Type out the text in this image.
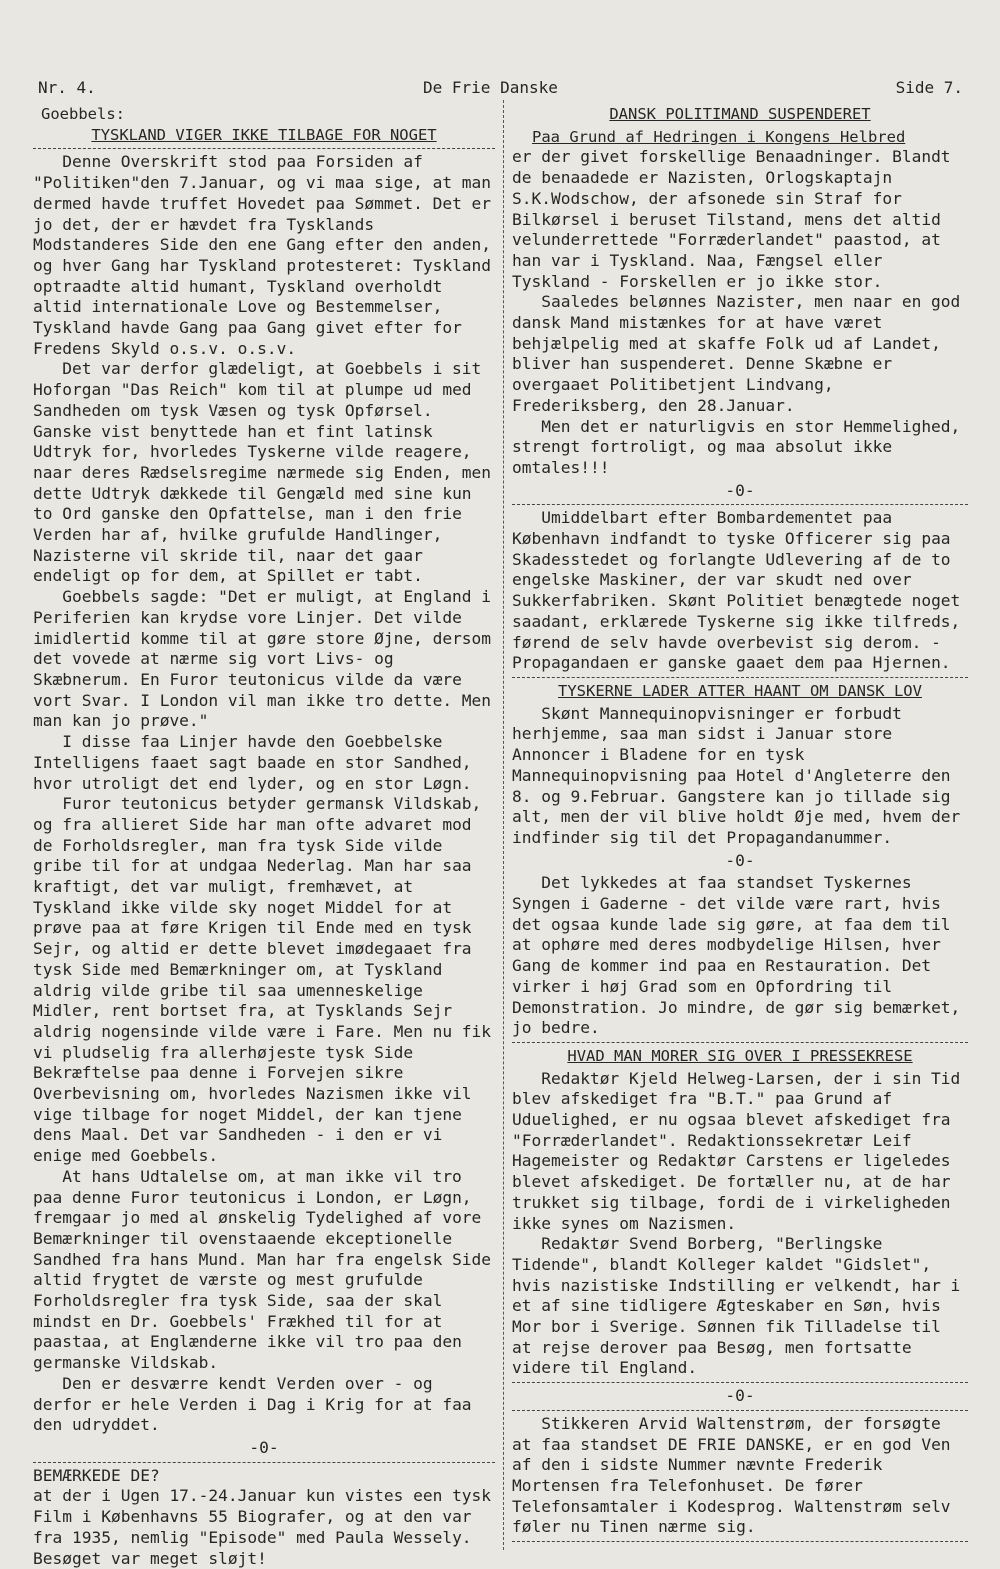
Nr. 4.	De Frie Danske	Side 7.
Goebbels:
TYSKLAND VIGER IKKE TILBAGE FOR NOGET

Denne Overskrift stod paa Forsiden af "Politiken"den 7.Januar, og vi maa sige, at man dermed havde truffet Hovedet paa Sømmet. Det er jo det, der er hævdet fra Tysklands Modstanderes Side den ene Gang efter den anden, og hver Gang har Tyskland protesteret: Tyskland optraadte altid humant, Tyskland overholdt altid internationale Love og Bestemmelser, Tyskland havde Gang paa Gang givet efter for Fredens Skyld o.s.v. o.s.v.

Det var derfor glædeligt, at Goebbels i sit Hoforgan "Das Reich" kom til at plumpe ud med Sandheden om tysk Væsen og tysk Opførsel. Ganske vist benyttede han et fint latinsk Udtryk for, hvorledes Tyskerne vilde reagere, naar deres Rædselsregime nærmede sig Enden, men dette Udtryk dækkede til Gengæld med sine kun to Ord ganske den Opfattelse, man i den frie Verden har af, hvilke grufulde Handlinger, Nazisterne vil skride til, naar det gaar endeligt op for dem, at Spillet er tabt.

Goebbels sagde: "Det er muligt, at England i Periferien kan krydse vore Linjer. Det vilde imidlertid komme til at gøre store Øjne, dersom det vovede at nærme sig vort Livs- og Skæbnerum. En Furor teutonicus vilde da være vort Svar. I London vil man ikke tro dette. Men man kan jo prøve."

I disse faa Linjer havde den Goebbelske Intelligens faaet sagt baade en stor Sandhed, hvor utroligt det end lyder, og en stor Løgn.

Furor teutonicus betyder germansk Vildskab, og fra allieret Side har man ofte advaret mod de Forholdsregler, man fra tysk Side vilde gribe til for at undgaa Nederlag. Man har saa kraftigt, det var muligt, fremhævet, at Tyskland ikke vilde sky noget Middel for at prøve paa at føre Krigen til Ende med en tysk Sejr, og altid er dette blevet imødegaaet fra tysk Side med Bemærkninger om, at Tyskland aldrig vilde gribe til saa umenneskelige Midler, rent bortset fra, at Tysklands Sejr aldrig nogensinde vilde være i Fare. Men nu fik vi pludselig fra allerhøjeste tysk Side Bekræftelse paa denne i Forvejen sikre Overbevisning om, hvorledes Nazismen ikke vil vige tilbage for noget Middel, der kan tjene dens Maal. Det var Sandheden - i den er vi enige med Goebbels.

At hans Udtalelse om, at man ikke vil tro paa denne Furor teutonicus i London, er Løgn, fremgaar jo med al ønskelig Tydelighed af vore Bemærkninger til ovenstaaende ekceptionelle Sandhed fra hans Mund. Man har fra engelsk Side altid frygtet de værste og mest grufulde Forholdsregler fra tysk Side, saa der skal mindst en Dr. Goebbels' Frækhed til for at paastaa, at Englænderne ikke vil tro paa den germanske Vildskab.

Den er desværre kendt Verden over - og derfor er hele Verden i Dag i Krig for at faa den udryddet.

-0-

BEMÆRKEDE DE?

at der i Ugen 17.-24.Januar kun vistes een tysk Film i Københavns 55 Biografer, og at den var fra 1935, nemlig "Episode" med Paula Wessely. Besøget var meget sløjt!

DANSK POLITIMAND SUSPENDERET
Paa Grund af Hedringen i Kongens Helbred

er der givet forskellige Benaadninger. Blandt de benaadede er Nazisten, Orlogskaptajn S.K.Wodschow, der afsonede sin Straf for Bilkørsel i beruset Tilstand, mens det altid velunderrettede "Forræderlandet" paastod, at han var i Tyskland. Naa, Fængsel eller Tyskland - Forskellen er jo ikke stor.

Saaledes belønnes Nazister, men naar en god dansk Mand mistænkes for at have været behjælpelig med at skaffe Folk ud af Landet, bliver han suspenderet. Denne Skæbne er overgaaet Politibetjent Lindvang, Frederiksberg, den 28.Januar.

Men det er naturligvis en stor Hemmelighed, strengt fortroligt, og maa absolut ikke omtales!!!

-0-

Umiddelbart efter Bombardementet paa København indfandt to tyske Officerer sig paa Skadesstedet og forlangte Udlevering af de to engelske Maskiner, der var skudt ned over Sukkerfabriken. Skønt Politiet benægtede noget saadant, erklærede Tyskerne sig ikke tilfreds, førend de selv havde overbevist sig derom. - Propagandaen er ganske gaaet dem paa Hjernen.

TYSKERNE LADER ATTER HAANT OM DANSK LOV

Skønt Mannequinopvisninger er forbudt herhjemme, saa man sidst i Januar store Annoncer i Bladene for en tysk Mannequinopvisning paa Hotel d'Angleterre den 8. og 9.Februar. Gangstere kan jo tillade sig alt, men der vil blive holdt Øje med, hvem der indfinder sig til det Propagandanummer.

-0-

Det lykkedes at faa standset Tyskernes Syngen i Gaderne - det vilde være rart, hvis det ogsaa kunde lade sig gøre, at faa dem til at ophøre med deres modbydelige Hilsen, hver Gang de kommer ind paa en Restauration. Det virker i høj Grad som en Opfordring til Demonstration. Jo mindre, de gør sig bemærket, jo bedre.

HVAD MAN MORER SIG OVER I PRESSEKRESE

Redaktør Kjeld Helweg-Larsen, der i sin Tid blev afskediget fra "B.T." paa Grund af Uduelighed, er nu ogsaa blevet afskediget fra "Forræderlandet". Redaktionssekretær Leif Hagemeister og Redaktør Carstens er ligeledes blevet afskediget. De fortæller nu, at de har trukket sig tilbage, fordi de i virkeligheden ikke synes om Nazismen.

Redaktør Svend Borberg, "Berlingske Tidende", blandt Kolleger kaldet "Gidslet", hvis nazistiske Indstilling er velkendt, har i et af sine tidligere Ægteskaber en Søn, hvis Mor bor i Sverige. Sønnen fik Tilladelse til at rejse derover paa Besøg, men fortsatte videre til England.

-0-

Stikkeren Arvid Waltenstrøm, der forsøgte at faa standset DE FRIE DANSKE, er en god Ven af den i sidste Nummer nævnte Frederik Mortensen fra Telefonhuset. De fører Telefonsamtaler i Kodesprog. Waltenstrøm selv føler nu Tinen nærme sig.
